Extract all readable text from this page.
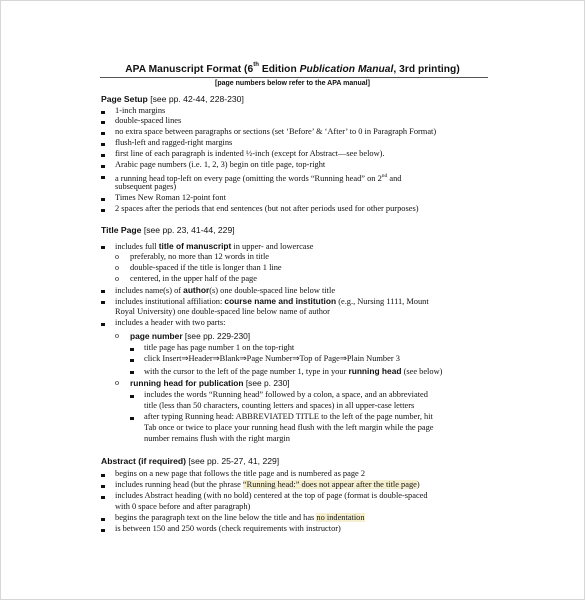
APA Manuscript Format (6th Edition Publication Manual, 3rd printing)
[page numbers below refer to the APA manual]
Page Setup [see pp. 42-44, 228-230]
1-inch margins
double-spaced lines
no extra space between paragraphs or sections (set ‘Before’ & ‘After’ to 0 in Paragraph Format)
flush-left and ragged-right margins
first line of each paragraph is indented ½-inch (except for Abstract—see below).
Arabic page numbers (i.e. 1, 2, 3) begin on title page, top-right
a running head top-left on every page (omitting the words “Running head” on 2nd and
subsequent pages)
Times New Roman 12-point font
2 spaces after the periods that end sentences (but not after periods used for other purposes)
Title Page [see pp. 23, 41-44, 229]
includes full title of manuscript in upper- and lowercase
o preferably, no more than 12 words in title
o double-spaced if the title is longer than 1 line
o centered, in the upper half of the page
includes name(s) of author(s) one double-spaced line below title
includes institutional affiliation: course name and institution (e.g., Nursing 1111, Mount
Royal University) one double-spaced line below name of author
includes a header with two parts:
o page number [see pp. 229-230]
title page has page number 1 on the top-right
click Insert⇒Header⇒Blank⇒Page Number⇒Top of Page⇒Plain Number 3
with the cursor to the left of the page number 1, type in your running head (see below)
o running head for publication [see p. 230]
includes the words “Running head” followed by a colon, a space, and an abbreviated
title (less than 50 characters, counting letters and spaces) in all upper-case letters
after typing Running head: ABBREVIATED TITLE to the left of the page number, hit
Tab once or twice to place your running head flush with the left margin while the page
number remains flush with the right margin
Abstract (if required) [see pp. 25-27, 41, 229]
begins on a new page that follows the title page and is numbered as page 2
includes running head (but the phrase “Running head:” does not appear after the title page)
includes Abstract heading (with no bold) centered at the top of page (format is double-spaced
with 0 space before and after paragraph)
begins the paragraph text on the line below the title and has no indentation
is between 150 and 250 words (check requirements with instructor)
